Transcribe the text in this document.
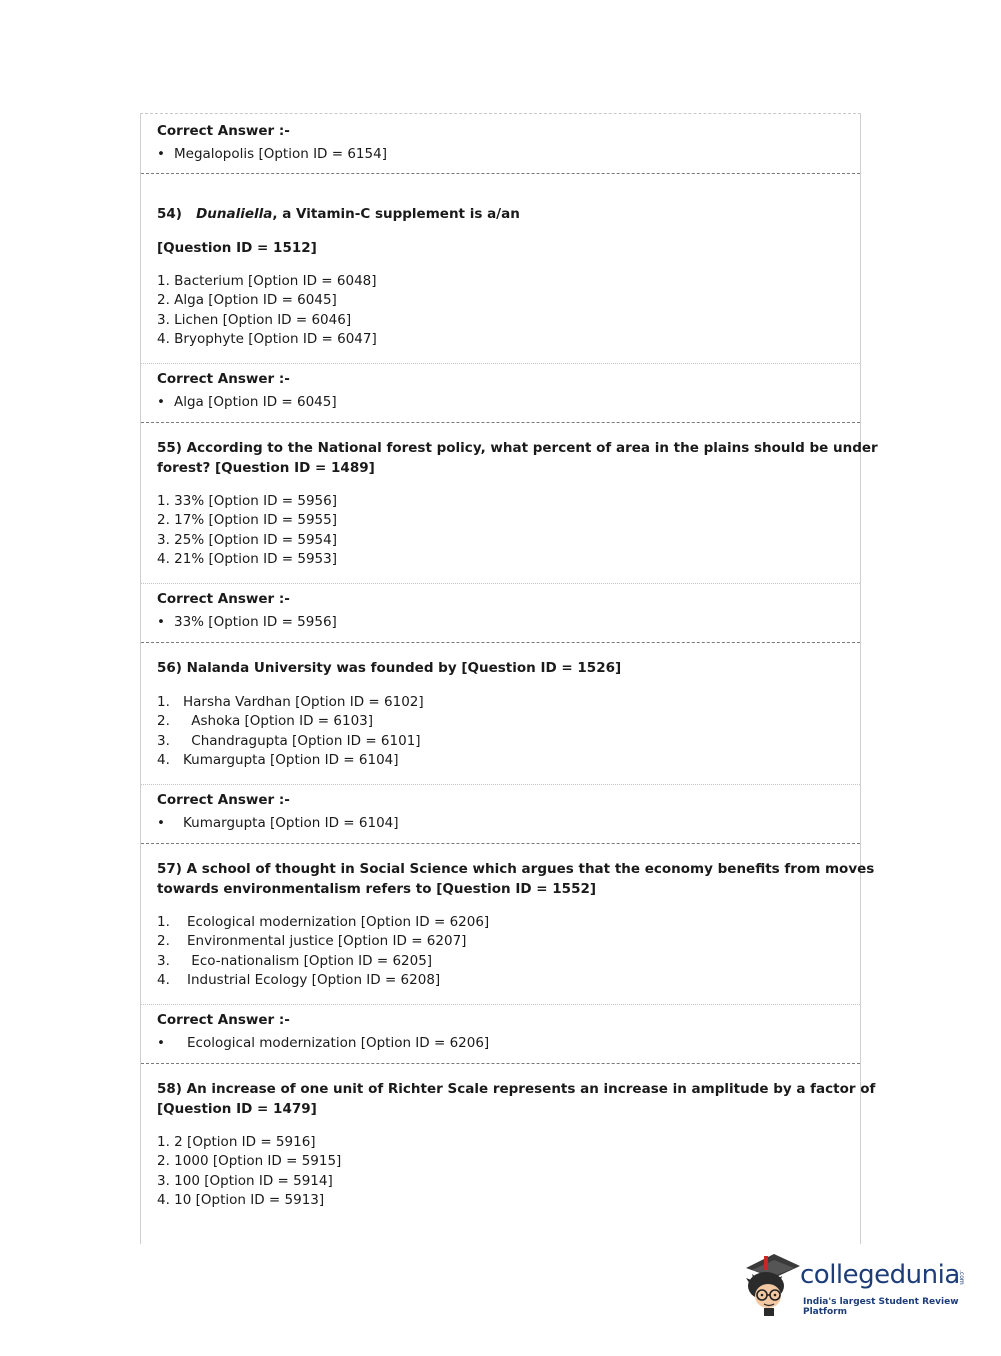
Correct Answer :-
• Megalopolis [Option ID = 6154]
54) Dunaliella, a Vitamin-C supplement is a/an
[Question ID = 1512]
1. Bacterium [Option ID = 6048]
2. Alga [Option ID = 6045]
3. Lichen [Option ID = 6046]
4. Bryophyte [Option ID = 6047]
Correct Answer :-
• Alga [Option ID = 6045]
55) According to the National forest policy, what percent of area in the plains should be under
forest? [Question ID = 1489]
1. 33% [Option ID = 5956]
2. 17% [Option ID = 5955]
3. 25% [Option ID = 5954]
4. 21% [Option ID = 5953]
Correct Answer :-
• 33% [Option ID = 5956]
56) Nalanda University was founded by [Question ID = 1526]
1. Harsha Vardhan [Option ID = 6102]
2. Ashoka [Option ID = 6103]
3. Chandragupta [Option ID = 6101]
4. Kumargupta [Option ID = 6104]
Correct Answer :-
• Kumargupta [Option ID = 6104]
57) A school of thought in Social Science which argues that the economy benefits from moves
towards environmentalism refers to [Question ID = 1552]
1. Ecological modernization [Option ID = 6206]
2. Environmental justice [Option ID = 6207]
3. Eco-nationalism [Option ID = 6205]
4. Industrial Ecology [Option ID = 6208]
Correct Answer :-
• Ecological modernization [Option ID = 6206]
58) An increase of one unit of Richter Scale represents an increase in amplitude by a factor of
[Question ID = 1479]
1. 2 [Option ID = 5916]
2. 1000 [Option ID = 5915]
3. 100 [Option ID = 5914]
4. 10 [Option ID = 5913]
collegedunia
.com
India's largest Student Review Platform
